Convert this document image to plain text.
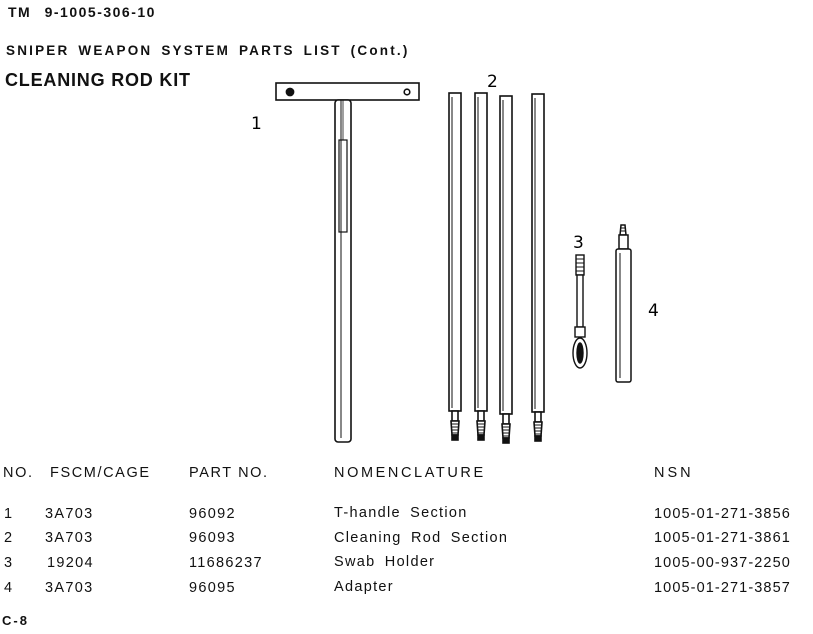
TM 9-1005-306-10
SNIPER WEAPON SYSTEM PARTS LIST (Cont.)
CLEANING ROD KIT
1
2
3
4
NO. FSCM/CAGE	PART NO.	NOMENCLATURE	NSN
1 3A703	96092	T-handle Section	1005-01-271-3856
2 3A703	96093	Cleaning Rod Section	1005-01-271-3861
3 19204	11686237	Swab Holder	1005-00-937-2250
4 3A703	96095	Adapter	1005-01-271-3857
C-8
